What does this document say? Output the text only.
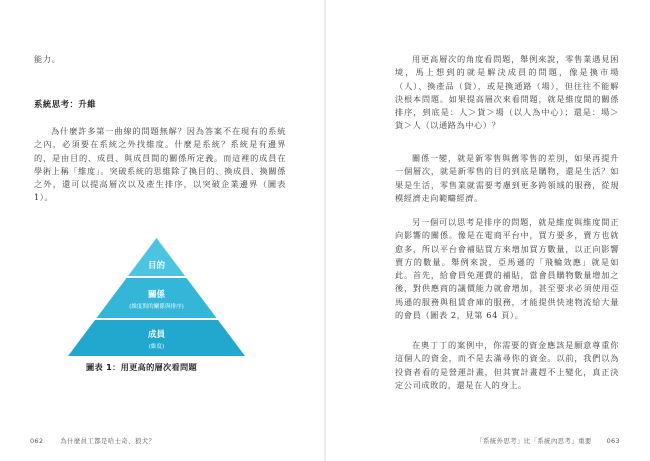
能力。

系統思考：升維

為什麼許多第一曲線的問題無解？因為答案不在現有的系統之內，必須要在系統之外找維度。什麼是系統？系統是有邊界的，是由目的、成員、與成員間的關係所定義。而這裡的成員在學術上稱「維度」。突破系統的思維除了換目的、換成員、換關係之外，還可以提高層次以及產生排序，以突破企業邊界（圖表 1）。

目的
關係
(維度間的關係與排序)
成員
(維度)
圖表 1：用更高的層次看問題
062	為什麼員工都是哈士奇、狼犬？

用更高層次的角度看問題，舉例來說，零售業遇見困境，馬上想到的就是解決成員的問題，像是換市場（人）、換產品（貨），或是換通路（場），但往往不能解決根本問題。如果提高層次來看問題，就是維度間的關係排序，到底是：人＞貨＞場（以人為中心）；還是：場＞貨＞人（以通路為中心）？

關係一變，就是新零售與舊零售的差別，如果再提升一個層次，就是新零售的目的到底是購物，還是生活？如果是生活，零售業就需要考慮到更多跨領域的服務，從規模經濟走向範疇經濟。

另一個可以思考是排序的問題，就是維度與維度間正向影響的關係。像是在電商平台中，買方要多，賣方也就愈多，所以平台會補貼買方來增加買方數量，以正向影響賣方的數量。舉例來說，亞馬遜的「飛輪效應」就是如此。首先，給會員免運費的補貼，當會員購物數量增加之後，對供應商的議價能力就會增加，甚至要求必須使用亞馬遜的服務與租賃倉庫的服務，才能提供快速物流給大量的會員（圖表 2，見第 64 頁）。

在奧丁丁的案例中，你需要的資金應該是願意尊重你這個人的資金，而不是去滿尋你的資金。以前，我們以為投資者看的是營運計畫，但其實計畫趕不上變化，真正決定公司成敗的，還是在人的身上。

「系統外思考」比「系統內思考」重要 063
